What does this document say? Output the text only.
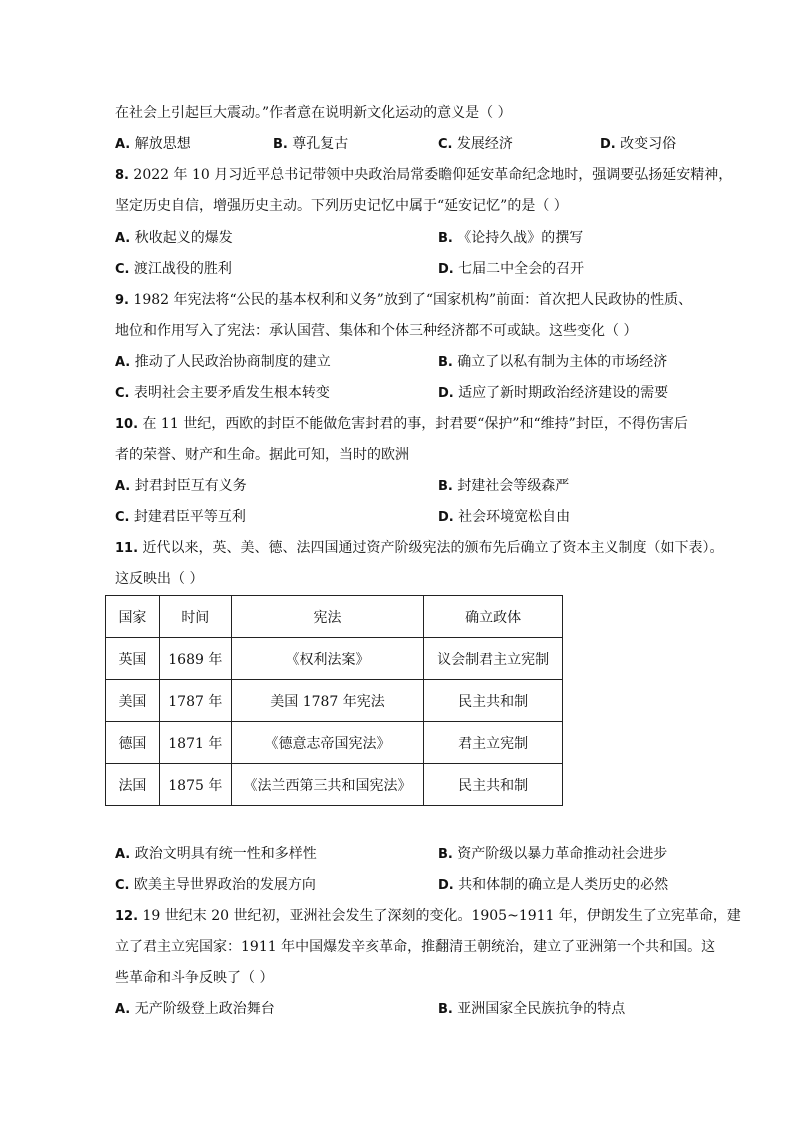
在社会上引起巨大震动。”作者意在说明新文化运动的意义是（ ）
A. 解放思想	B. 尊孔复古	C. 发展经济	D. 改变习俗
8. 2022 年 10 月习近平总书记带领中央政治局常委瞻仰延安革命纪念地时，强调要弘扬延安精神，
坚定历史自信，增强历史主动。下列历史记忆中属于“延安记忆”的是（ ）
A. 秋收起义的爆发	B. 《论持久战》的撰写
C. 渡江战役的胜利	D. 七届二中全会的召开
9. 1982 年宪法将“公民的基本权利和义务”放到了“国家机构”前面：首次把人民政协的性质、
地位和作用写入了宪法：承认国营、集体和个体三种经济都不可或缺。这些变化（ ）
A. 推动了人民政治协商制度的建立	B. 确立了以私有制为主体的市场经济
C. 表明社会主要矛盾发生根本转变	D. 适应了新时期政治经济建设的需要
10. 在 11 世纪，西欧的封臣不能做危害封君的事，封君要“保护”和“维持”封臣，不得伤害后
者的荣誉、财产和生命。据此可知，当时的欧洲
A. 封君封臣互有义务	B. 封建社会等级森严
C. 封建君臣平等互利	D. 社会环境宽松自由
11. 近代以来，英、美、德、法四国通过资产阶级宪法的颁布先后确立了资本主义制度（如下表）。
这反映出（ ）
国家	时间	宪法	确立政体
英国	1689 年	《权利法案》	议会制君主立宪制
美国	1787 年	美国 1787 年宪法	民主共和制
德国	1871 年	《德意志帝国宪法》	君主立宪制
法国	1875 年	《法兰西第三共和国宪法》	民主共和制
A. 政治文明具有统一性和多样性	B. 资产阶级以暴力革命推动社会进步
C. 欧美主导世界政治的发展方向	D. 共和体制的确立是人类历史的必然
12. 19 世纪末 20 世纪初，亚洲社会发生了深刻的变化。1905~1911 年，伊朗发生了立宪革命，建
立了君主立宪国家：1911 年中国爆发辛亥革命，推翻清王朝统治，建立了亚洲第一个共和国。这
些革命和斗争反映了（ ）
A. 无产阶级登上政治舞台	B. 亚洲国家全民族抗争的特点
